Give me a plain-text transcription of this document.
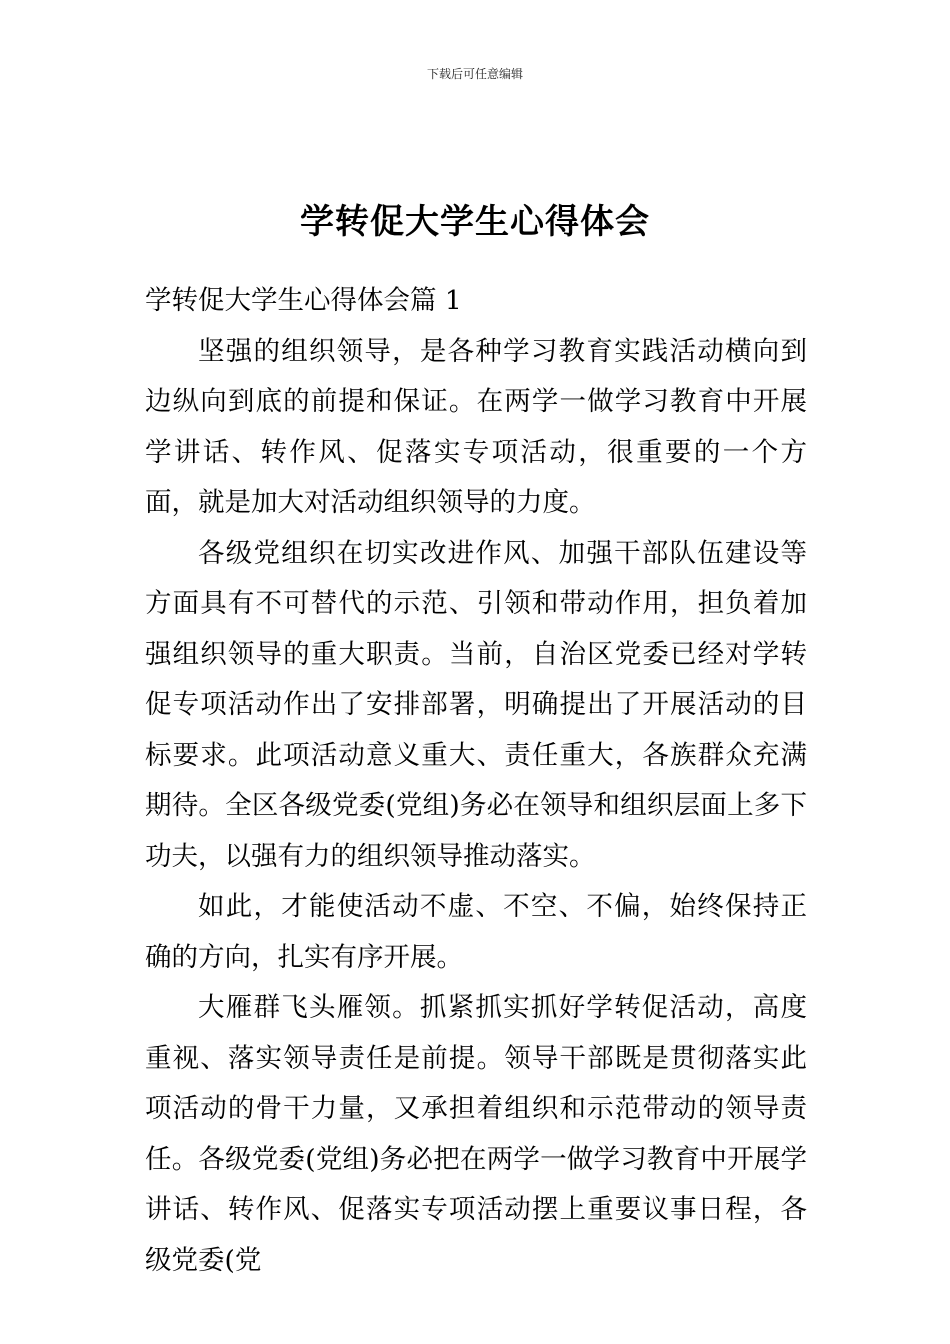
下载后可任意编辑
学转促大学生心得体会

学转促大学生心得体会篇 1

坚强的组织领导，是各种学习教育实践活动横向到边纵向到底的前提和保证。在两学一做学习教育中开展学讲话、转作风、促落实专项活动，很重要的一个方面，就是加大对活动组织领导的力度。

各级党组织在切实改进作风、加强干部队伍建设等方面具有不可替代的示范、引领和带动作用，担负着加强组织领导的重大职责。当前，自治区党委已经对学转促专项活动作出了安排部署，明确提出了开展活动的目标要求。此项活动意义重大、责任重大，各族群众充满期待。全区各级党委(党组)务必在领导和组织层面上多下功夫，以强有力的组织领导推动落实。

如此，才能使活动不虚、不空、不偏，始终保持正确的方向，扎实有序开展。

大雁群飞头雁领。抓紧抓实抓好学转促活动，高度重视、落实领导责任是前提。领导干部既是贯彻落实此项活动的骨干力量，又承担着组织和示范带动的领导责任。各级党委(党组)务必把在两学一做学习教育中开展学讲话、转作风、促落实专项活动摆上重要议事日程，各级党委(党
